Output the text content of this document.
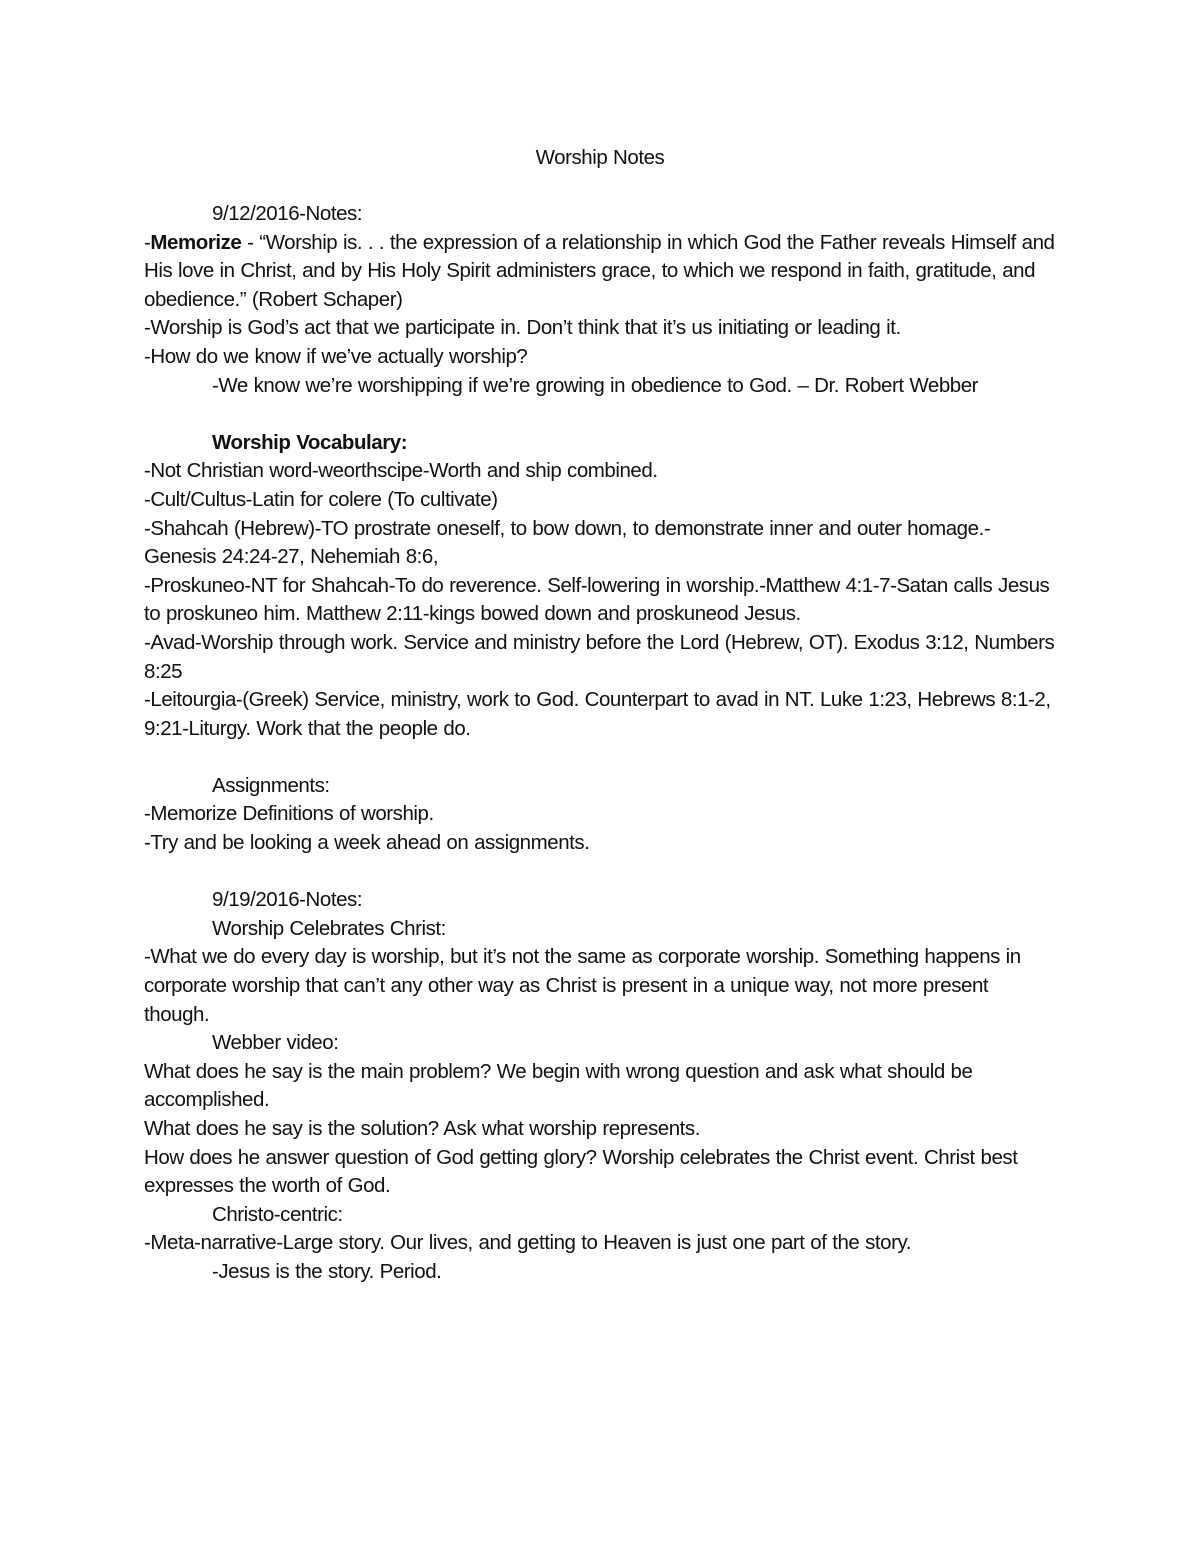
Worship Notes

9/12/2016-Notes:

-Memorize - “Worship is. . . the expression of a relationship in which God the Father reveals Himself and His love in Christ, and by His Holy Spirit administers grace, to which we respond in faith, gratitude, and obedience.” (Robert Schaper)

-Worship is God’s act that we participate in. Don’t think that it’s us initiating or leading it.

-How do we know if we’ve actually worship?

-We know we’re worshipping if we’re growing in obedience to God. – Dr. Robert Webber

Worship Vocabulary:

-Not Christian word-weorthscipe-Worth and ship combined.

-Cult/Cultus-Latin for colere (To cultivate)

-Shahcah (Hebrew)-TO prostrate oneself, to bow down, to demonstrate inner and outer homage.-Genesis 24:24-27, Nehemiah 8:6,

-Proskuneo-NT for Shahcah-To do reverence. Self-lowering in worship.-Matthew 4:1-7-Satan calls Jesus to proskuneo him. Matthew 2:11-kings bowed down and proskuneod Jesus.

-Avad-Worship through work. Service and ministry before the Lord (Hebrew, OT). Exodus 3:12, Numbers 8:25

-Leitourgia-(Greek) Service, ministry, work to God. Counterpart to avad in NT. Luke 1:23, Hebrews 8:1-2, 9:21-Liturgy. Work that the people do.

Assignments:

-Memorize Definitions of worship.

-Try and be looking a week ahead on assignments.

9/19/2016-Notes:

Worship Celebrates Christ:

-What we do every day is worship, but it’s not the same as corporate worship. Something happens in corporate worship that can’t any other way as Christ is present in a unique way, not more present though.

Webber video:

What does he say is the main problem? We begin with wrong question and ask what should be accomplished.

What does he say is the solution? Ask what worship represents.

How does he answer question of God getting glory? Worship celebrates the Christ event. Christ best expresses the worth of God.

Christo-centric:

-Meta-narrative-Large story. Our lives, and getting to Heaven is just one part of the story.

-Jesus is the story. Period.
